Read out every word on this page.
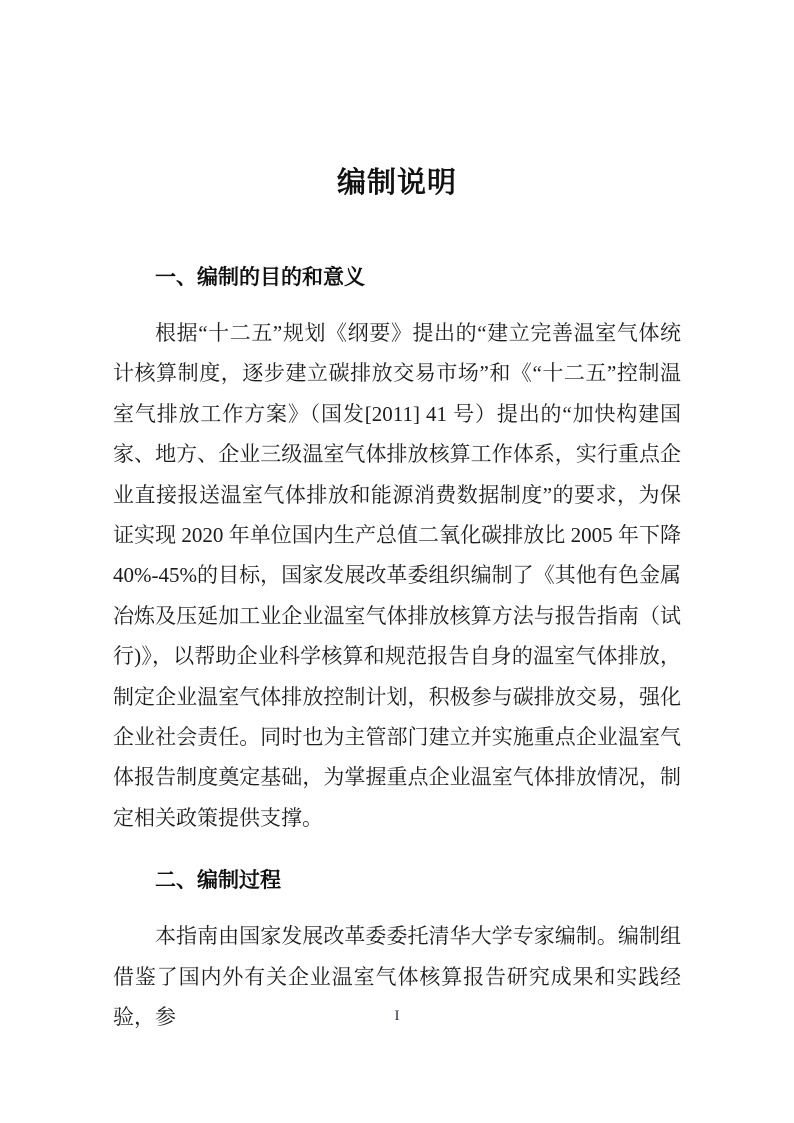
编制说明
一、编制的目的和意义

根据“十二五”规划《纲要》提出的“建立完善温室气体统计核算制度，逐步建立碳排放交易市场”和《“十二五”控制温室气排放工作方案》（国发[2011] 41 号）提出的“加快构建国家、地方、企业三级温室气体排放核算工作体系，实行重点企业直接报送温室气体排放和能源消费数据制度”的要求，为保证实现 2020 年单位国内生产总值二氧化碳排放比 2005 年下降40%-45%的目标，国家发展改革委组织编制了《其他有色金属冶炼及压延加工业企业温室气体排放核算方法与报告指南（试行)》，以帮助企业科学核算和规范报告自身的温室气体排放，制定企业温室气体排放控制计划，积极参与碳排放交易，强化企业社会责任。同时也为主管部门建立并实施重点企业温室气体报告制度奠定基础，为掌握重点企业温室气体排放情况，制定相关政策提供支撑。

二、编制过程

本指南由国家发展改革委委托清华大学专家编制。编制组借鉴了国内外有关企业温室气体核算报告研究成果和实践经验，参	I
